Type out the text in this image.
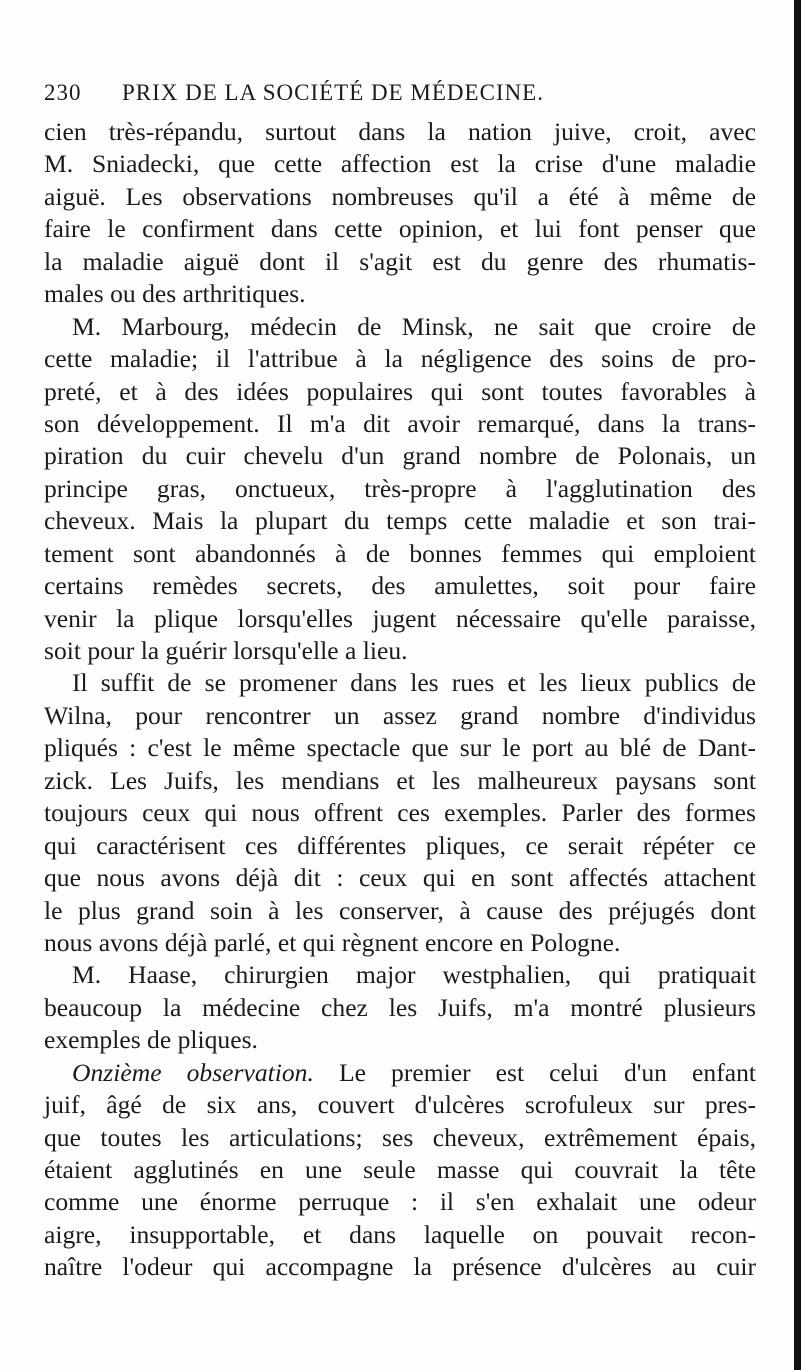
230	PRIX DE LA SOCIÉTÉ DE MÉDECINE.
cien très-répandu, surtout dans la nation juive, croit, avec
M. Sniadecki, que cette affection est la crise d'une maladie
aiguë. Les observations nombreuses qu'il a été à même de
faire le confirment dans cette opinion, et lui font penser que
la maladie aiguë dont il s'agit est du genre des rhumatis-
males ou des arthritiques.
M. Marbourg, médecin de Minsk, ne sait que croire de
cette maladie; il l'attribue à la négligence des soins de pro-
preté, et à des idées populaires qui sont toutes favorables à
son développement. Il m'a dit avoir remarqué, dans la trans-
piration du cuir chevelu d'un grand nombre de Polonais, un
principe gras, onctueux, très-propre à l'agglutination des
cheveux. Mais la plupart du temps cette maladie et son trai-
tement sont abandonnés à de bonnes femmes qui emploient
certains remèdes secrets, des amulettes, soit pour faire
venir la plique lorsqu'elles jugent nécessaire qu'elle paraisse,
soit pour la guérir lorsqu'elle a lieu.
Il suffit de se promener dans les rues et les lieux publics de
Wilna, pour rencontrer un assez grand nombre d'individus
pliqués : c'est le même spectacle que sur le port au blé de Dant-
zick. Les Juifs, les mendians et les malheureux paysans sont
toujours ceux qui nous offrent ces exemples. Parler des formes
qui caractérisent ces différentes pliques, ce serait répéter ce
que nous avons déjà dit : ceux qui en sont affectés attachent
le plus grand soin à les conserver, à cause des préjugés dont
nous avons déjà parlé, et qui règnent encore en Pologne.
M. Haase, chirurgien major westphalien, qui pratiquait
beaucoup la médecine chez les Juifs, m'a montré plusieurs
exemples de pliques.
Onzième observation. Le premier est celui d'un enfant
juif, âgé de six ans, couvert d'ulcères scrofuleux sur pres-
que toutes les articulations; ses cheveux, extrêmement épais,
étaient agglutinés en une seule masse qui couvrait la tête
comme une énorme perruque : il s'en exhalait une odeur
aigre, insupportable, et dans laquelle on pouvait recon-
naître l'odeur qui accompagne la présence d'ulcères au cuir
